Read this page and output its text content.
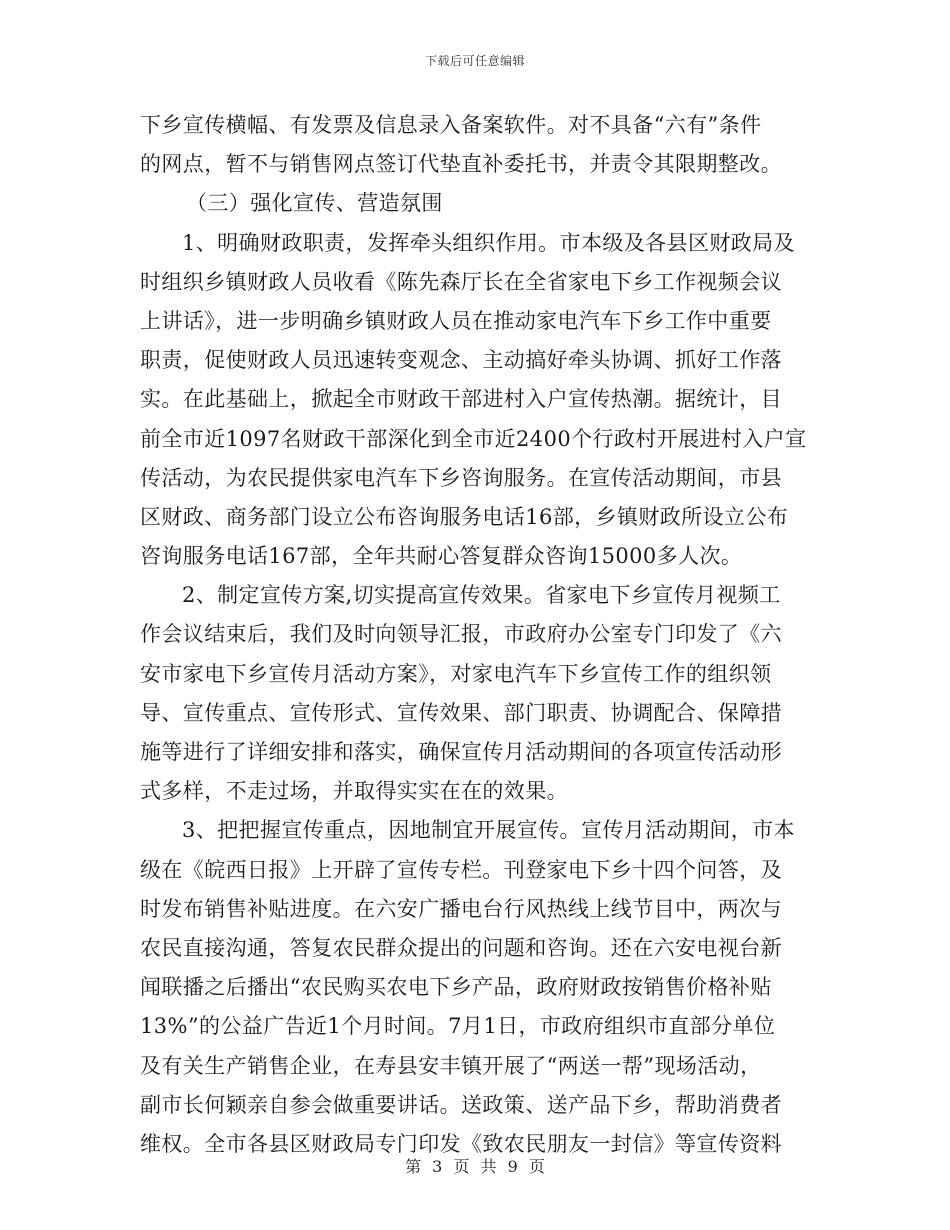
下载后可任意编辑
下乡宣传横幅、有发票及信息录入备案软件。对不具备“六有”条件
的网点，暂不与销售网点签订代垫直补委托书，并责令其限期整改。
（三）强化宣传、营造氛围
1、明确财政职责，发挥牵头组织作用。市本级及各县区财政局及
时组织乡镇财政人员收看《陈先森厅长在全省家电下乡工作视频会议
上讲话》，进一步明确乡镇财政人员在推动家电汽车下乡工作中重要
职责，促使财政人员迅速转变观念、主动搞好牵头协调、抓好工作落
实。在此基础上，掀起全市财政干部进村入户宣传热潮。据统计，目
前全市近1097名财政干部深化到全市近2400个行政村开展进村入户宣
传活动，为农民提供家电汽车下乡咨询服务。在宣传活动期间，市县
区财政、商务部门设立公布咨询服务电话16部，乡镇财政所设立公布
咨询服务电话167部，全年共耐心答复群众咨询15000多人次。
2、制定宣传方案,切实提高宣传效果。省家电下乡宣传月视频工
作会议结束后，我们及时向领导汇报，市政府办公室专门印发了《六
安市家电下乡宣传月活动方案》，对家电汽车下乡宣传工作的组织领
导、宣传重点、宣传形式、宣传效果、部门职责、协调配合、保障措
施等进行了详细安排和落实，确保宣传月活动期间的各项宣传活动形
式多样，不走过场，并取得实实在在的效果。
3、把把握宣传重点，因地制宜开展宣传。宣传月活动期间，市本
级在《皖西日报》上开辟了宣传专栏。刊登家电下乡十四个问答，及
时发布销售补贴进度。在六安广播电台行风热线上线节目中，两次与
农民直接沟通，答复农民群众提出的问题和咨询。还在六安电视台新
闻联播之后播出“农民购买农电下乡产品，政府财政按销售价格补贴
13%”的公益广告近1个月时间。7月1日，市政府组织市直部分单位
及有关生产销售企业，在寿县安丰镇开展了“两送一帮”现场活动，
副市长何颖亲自参会做重要讲话。送政策、送产品下乡，帮助消费者
维权。全市各县区财政局专门印发《致农民朋友一封信》等宣传资料
第 3 页 共 9 页
